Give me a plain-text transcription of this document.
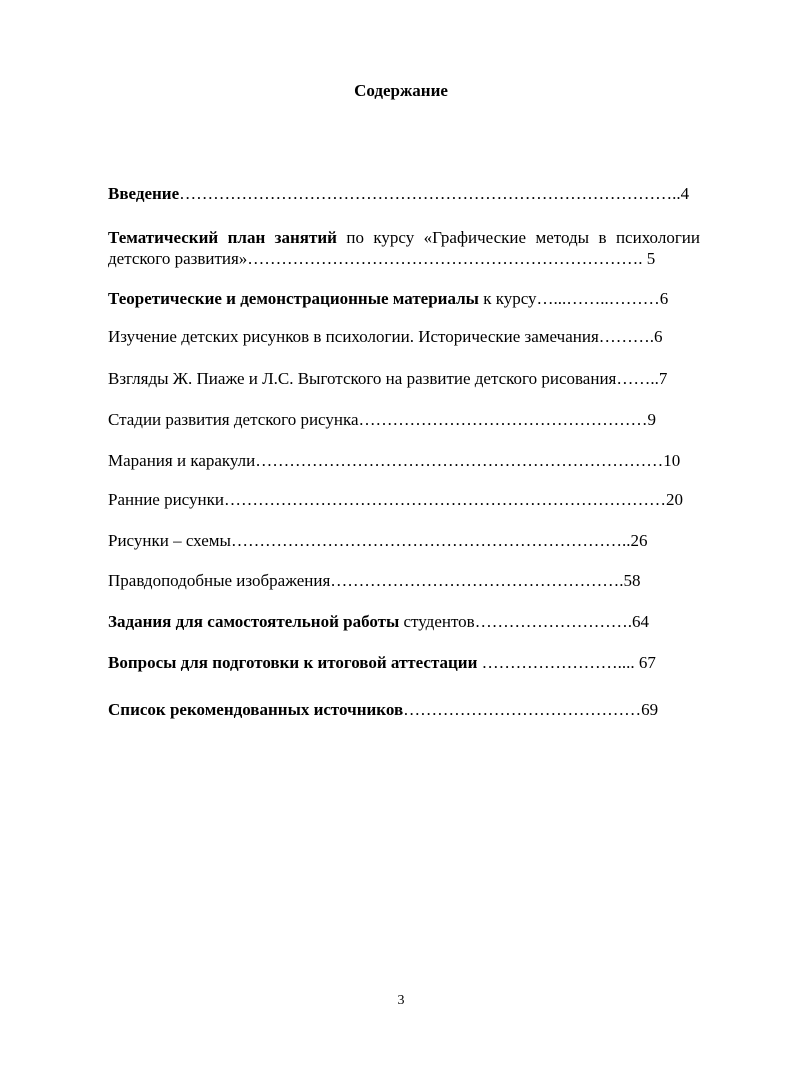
Содержание
Введение……………………………………………………………………………..4
Тематический план занятий по курсу «Графические методы в психологии
детского развития»……………………………………………………………. 5
Теоретические и демонстрационные материалы к курсу…...……..………6
Изучение детских рисунков в психологии. Исторические замечания……….6
Взгляды Ж. Пиаже и Л.С. Выготского на развитие детского рисования……..7
Стадии развития детского рисунка……………………………………………9
Марания и каракули………………………………………………………………10
Ранние рисунки……………………………………………………………………20
Рисунки – схемы……………………………………………………………..26
Правдоподобные изображения…………………………………………….58
Задания для самостоятельной работы студентов……………………….64
Вопросы для подготовки к итоговой аттестации …………………….... 67
Список рекомендованных источников……………………………………69
3
